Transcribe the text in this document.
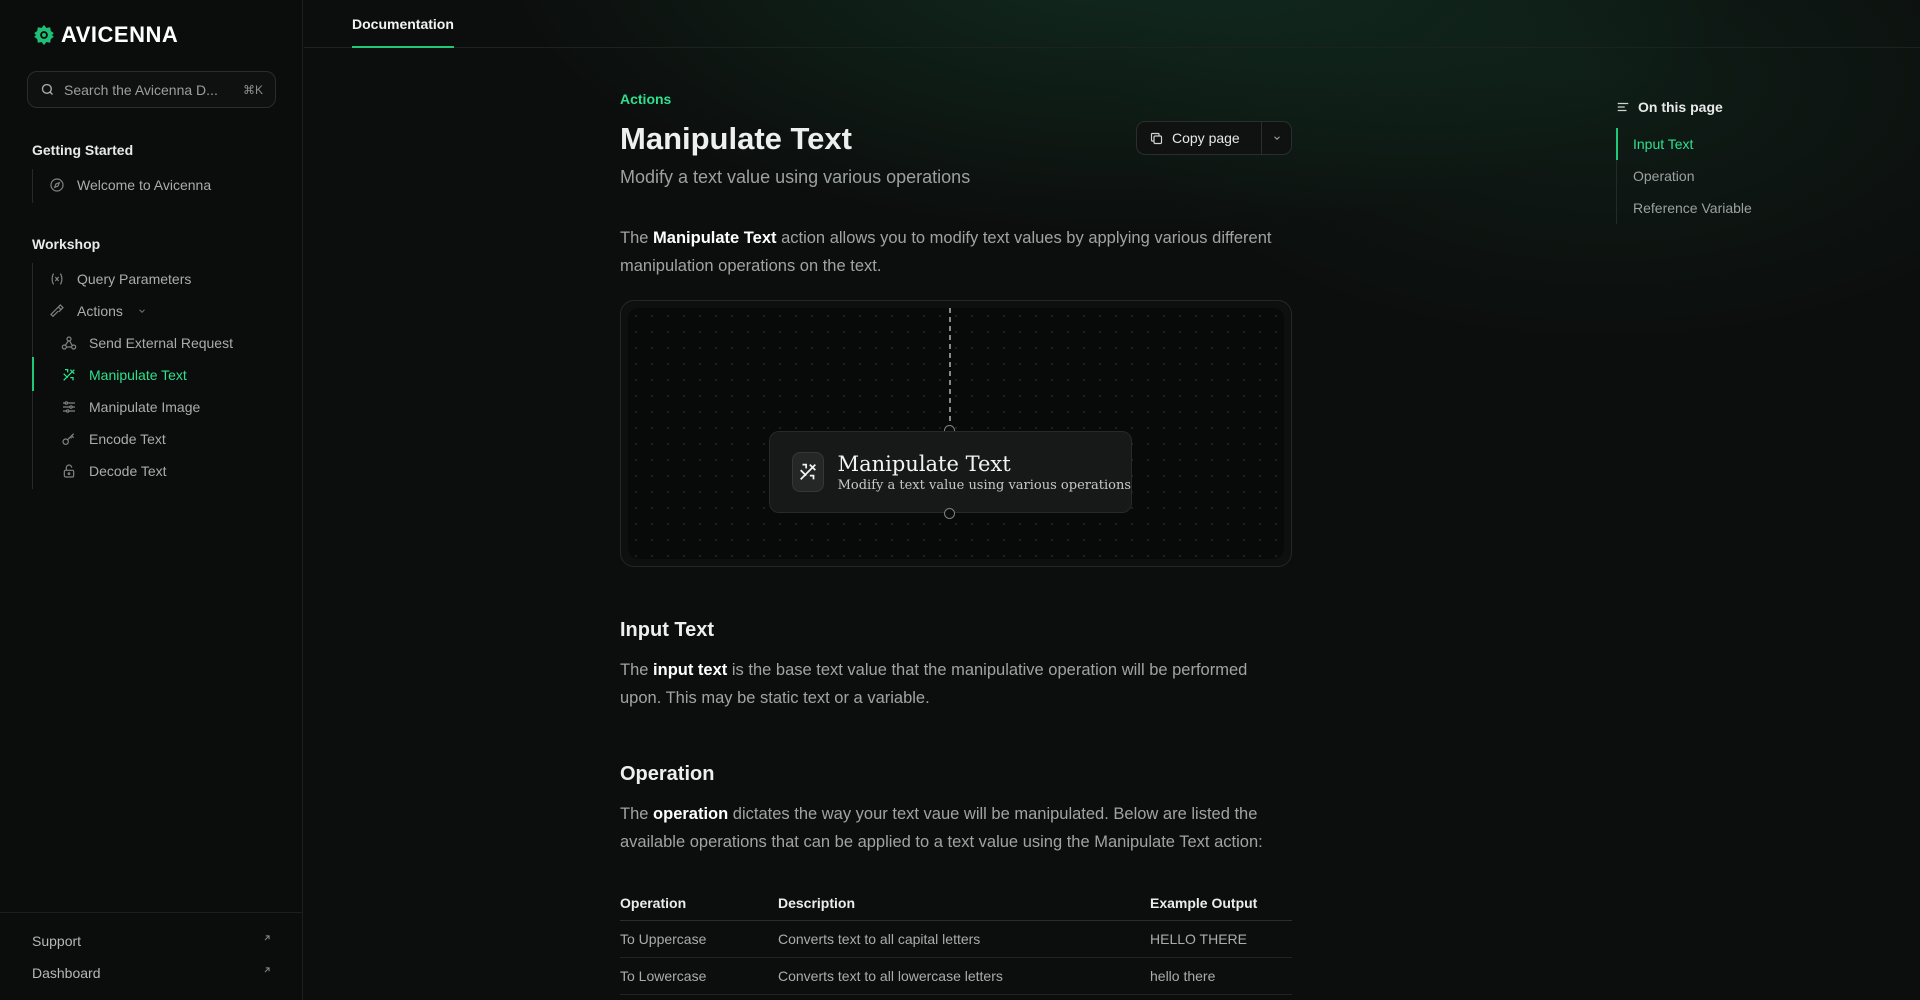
AVICENNA
Search the Avicenna D...	⌘K
Getting Started
Welcome to Avicenna
Workshop
Query Parameters
Actions
Send External Request
Manipulate Text
Manipulate Image
Encode Text
Decode Text
Support
Dashboard
Documentation
Actions
Manipulate Text	Copy page

Modify a text value using various operations

The Manipulate Text action allows you to modify text values by applying various different manipulation operations on the text.

Manipulate Text
Modify a text value using various operations
Input Text

The input text is the base text value that the manipulative operation will be performed upon. This may be static text or a variable.

Operation

The operation dictates the way your text vaue will be manipulated. Below are listed the available operations that can be applied to a text value using the Manipulate Text action:

Operation	Description	Example Output
To Uppercase	Converts text to all capital letters	HELLO THERE
To Lowercase	Converts text to all lowercase letters	hello there
On this page
Input Text
Operation
Reference Variable
